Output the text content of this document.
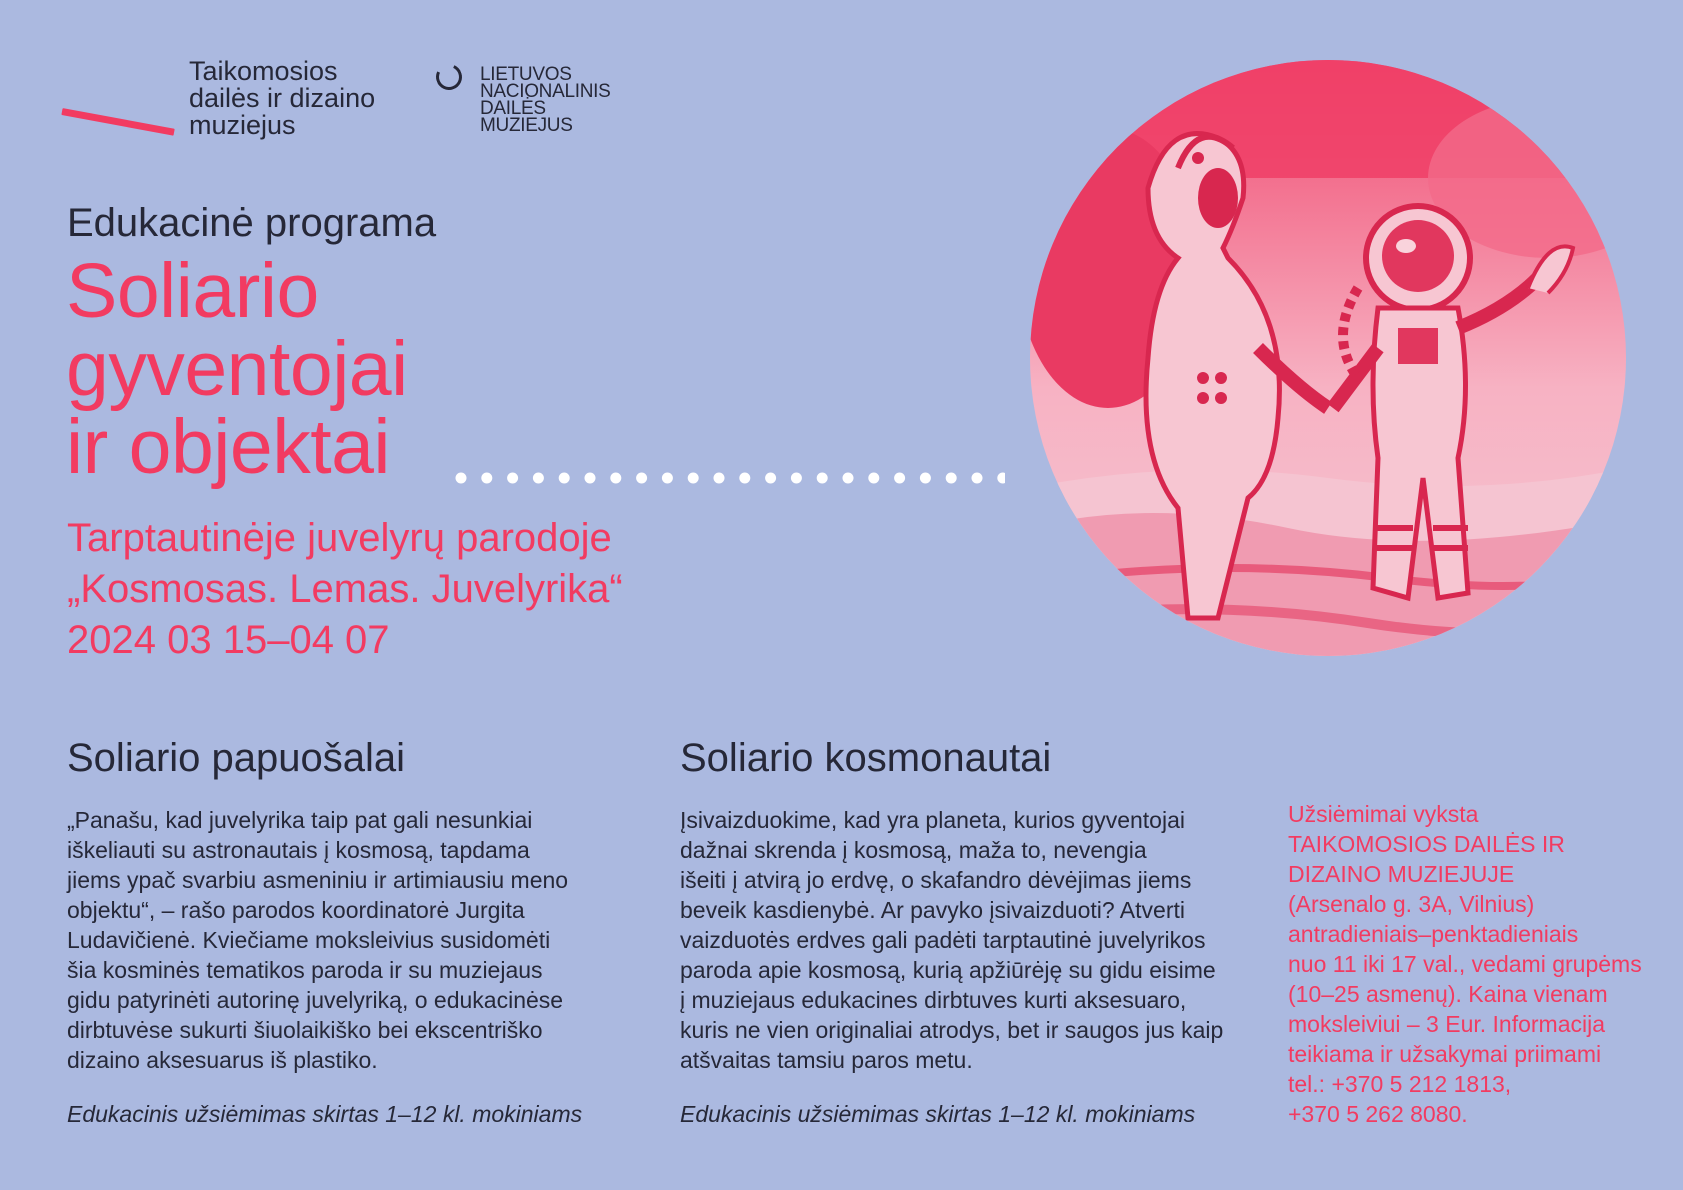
Taikomosios
dailės ir dizaino
muziejus
LIETUVOS
NACIONALINIS
DAILĖS
MUZIEJUS
Edukacinė programa
Soliario
gyventojai
ir objektai
Tarptautinėje juvelyrų parodoje
„Kosmosas. Lemas. Juvelyrika“
2024 03 15–04 07
Soliario papuošalai
„Panašu, kad juvelyrika taip pat gali nesunkiai
iškeliauti su astronautais į kosmosą, tapdama
jiems ypač svarbiu asmeniniu ir artimiausiu meno
objektu“, – rašo parodos koordinatorė Jurgita
Ludavičienė. Kviečiame moksleivius susidomėti
šia kosminės tematikos paroda ir su muziejaus
gidu patyrinėti autorinę juvelyriką, o edukacinėse
dirbtuvėse sukurti šiuolaikiško bei ekscentriško
dizaino aksesuarus iš plastiko.
Edukacinis užsiėmimas skirtas 1–12 kl. mokiniams
Soliario kosmonautai
Įsivaizduokime, kad yra planeta, kurios gyventojai
dažnai skrenda į kosmosą, maža to, nevengia
išeiti į atvirą jo erdvę, o skafandro dėvėjimas jiems
beveik kasdienybė. Ar pavyko įsivaizduoti? Atverti
vaizduotės erdves gali padėti tarptautinė juvelyrikos
paroda apie kosmosą, kurią apžiūrėję su gidu eisime
į muziejaus edukacines dirbtuves kurti aksesuaro,
kuris ne vien originaliai atrodys, bet ir saugos jus kaip
atšvaitas tamsiu paros metu.
Edukacinis užsiėmimas skirtas 1–12 kl. mokiniams
Užsiėmimai vyksta
TAIKOMOSIOS DAILĖS IR
DIZAINO MUZIEJUJE
(Arsenalo g. 3A, Vilnius)
antradieniais–penktadieniais
nuo 11 iki 17 val., vedami grupėms
(10–25 asmenų). Kaina vienam
moksleiviui – 3 Eur. Informacija
teikiama ir užsakymai priimami
tel.: +370 5 212 1813,
+370 5 262 8080.
